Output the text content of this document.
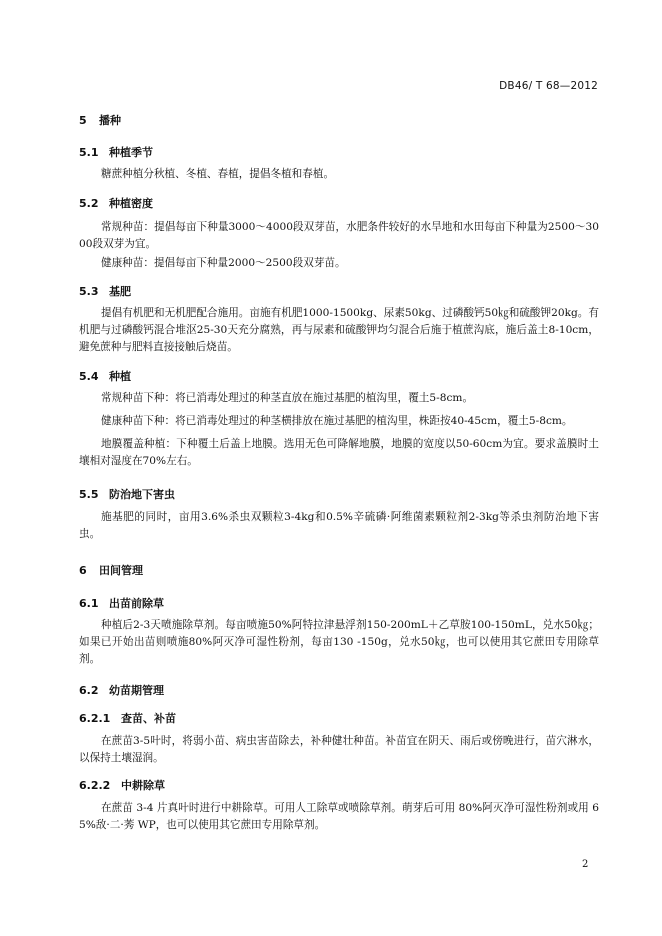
DB46/ T 68—2012
5 播种
5.1 种植季节
糖蔗种植分秋植、冬植、春植，提倡冬植和春植。
5.2 种植密度
常规种苗：提倡每亩下种量3000～4000段双芽苗，水肥条件较好的水旱地和水田每亩下种量为2500～3000段双芽为宜。
健康种苗：提倡每亩下种量2000～2500段双芽苗。
5.3 基肥
提倡有机肥和无机肥配合施用。亩施有机肥1000-1500kg、尿素50kg、过磷酸钙50㎏和硫酸钾20kg。有机肥与过磷酸钙混合堆沤25-30天充分腐熟，再与尿素和硫酸钾均匀混合后施于植蔗沟底，施后盖土8-10cm，避免蔗种与肥料直接接触后烧苗。
5.4 种植
常规种苗下种：将已消毒处理过的种茎直放在施过基肥的植沟里，覆土5-8cm。
健康种苗下种：将已消毒处理过的种茎横排放在施过基肥的植沟里，株距按40-45cm，覆土5-8cm。
地膜覆盖种植：下种覆土后盖上地膜。选用无色可降解地膜，地膜的宽度以50-60cm为宜。要求盖膜时土壤相对湿度在70%左右。
5.5 防治地下害虫
施基肥的同时，亩用3.6%杀虫双颗粒3-4kg和0.5%辛硫磷·阿维菌素颗粒剂2-3kg等杀虫剂防治地下害虫。
6 田间管理
6.1 出苗前除草
种植后2-3天喷施除草剂。每亩喷施50%阿特拉津悬浮剂150-200mL＋乙草胺100-150mL，兑水50㎏；如果已开始出苗则喷施80%阿灭净可湿性粉剂，每亩130 -150g，兑水50㎏，也可以使用其它蔗田专用除草剂。
6.2 幼苗期管理
6.2.1 查苗、补苗
在蔗苗3-5叶时，将弱小苗、病虫害苗除去，补种健壮种苗。补苗宜在阴天、雨后或傍晚进行，苗穴淋水，以保持土壤湿润。
6.2.2 中耕除草
在蔗苗 3-4 片真叶时进行中耕除草。可用人工除草或喷除草剂。萌芽后可用 80%阿灭净可湿性粉剂或用 65%敌·二·莠 WP，也可以使用其它蔗田专用除草剂。
2
